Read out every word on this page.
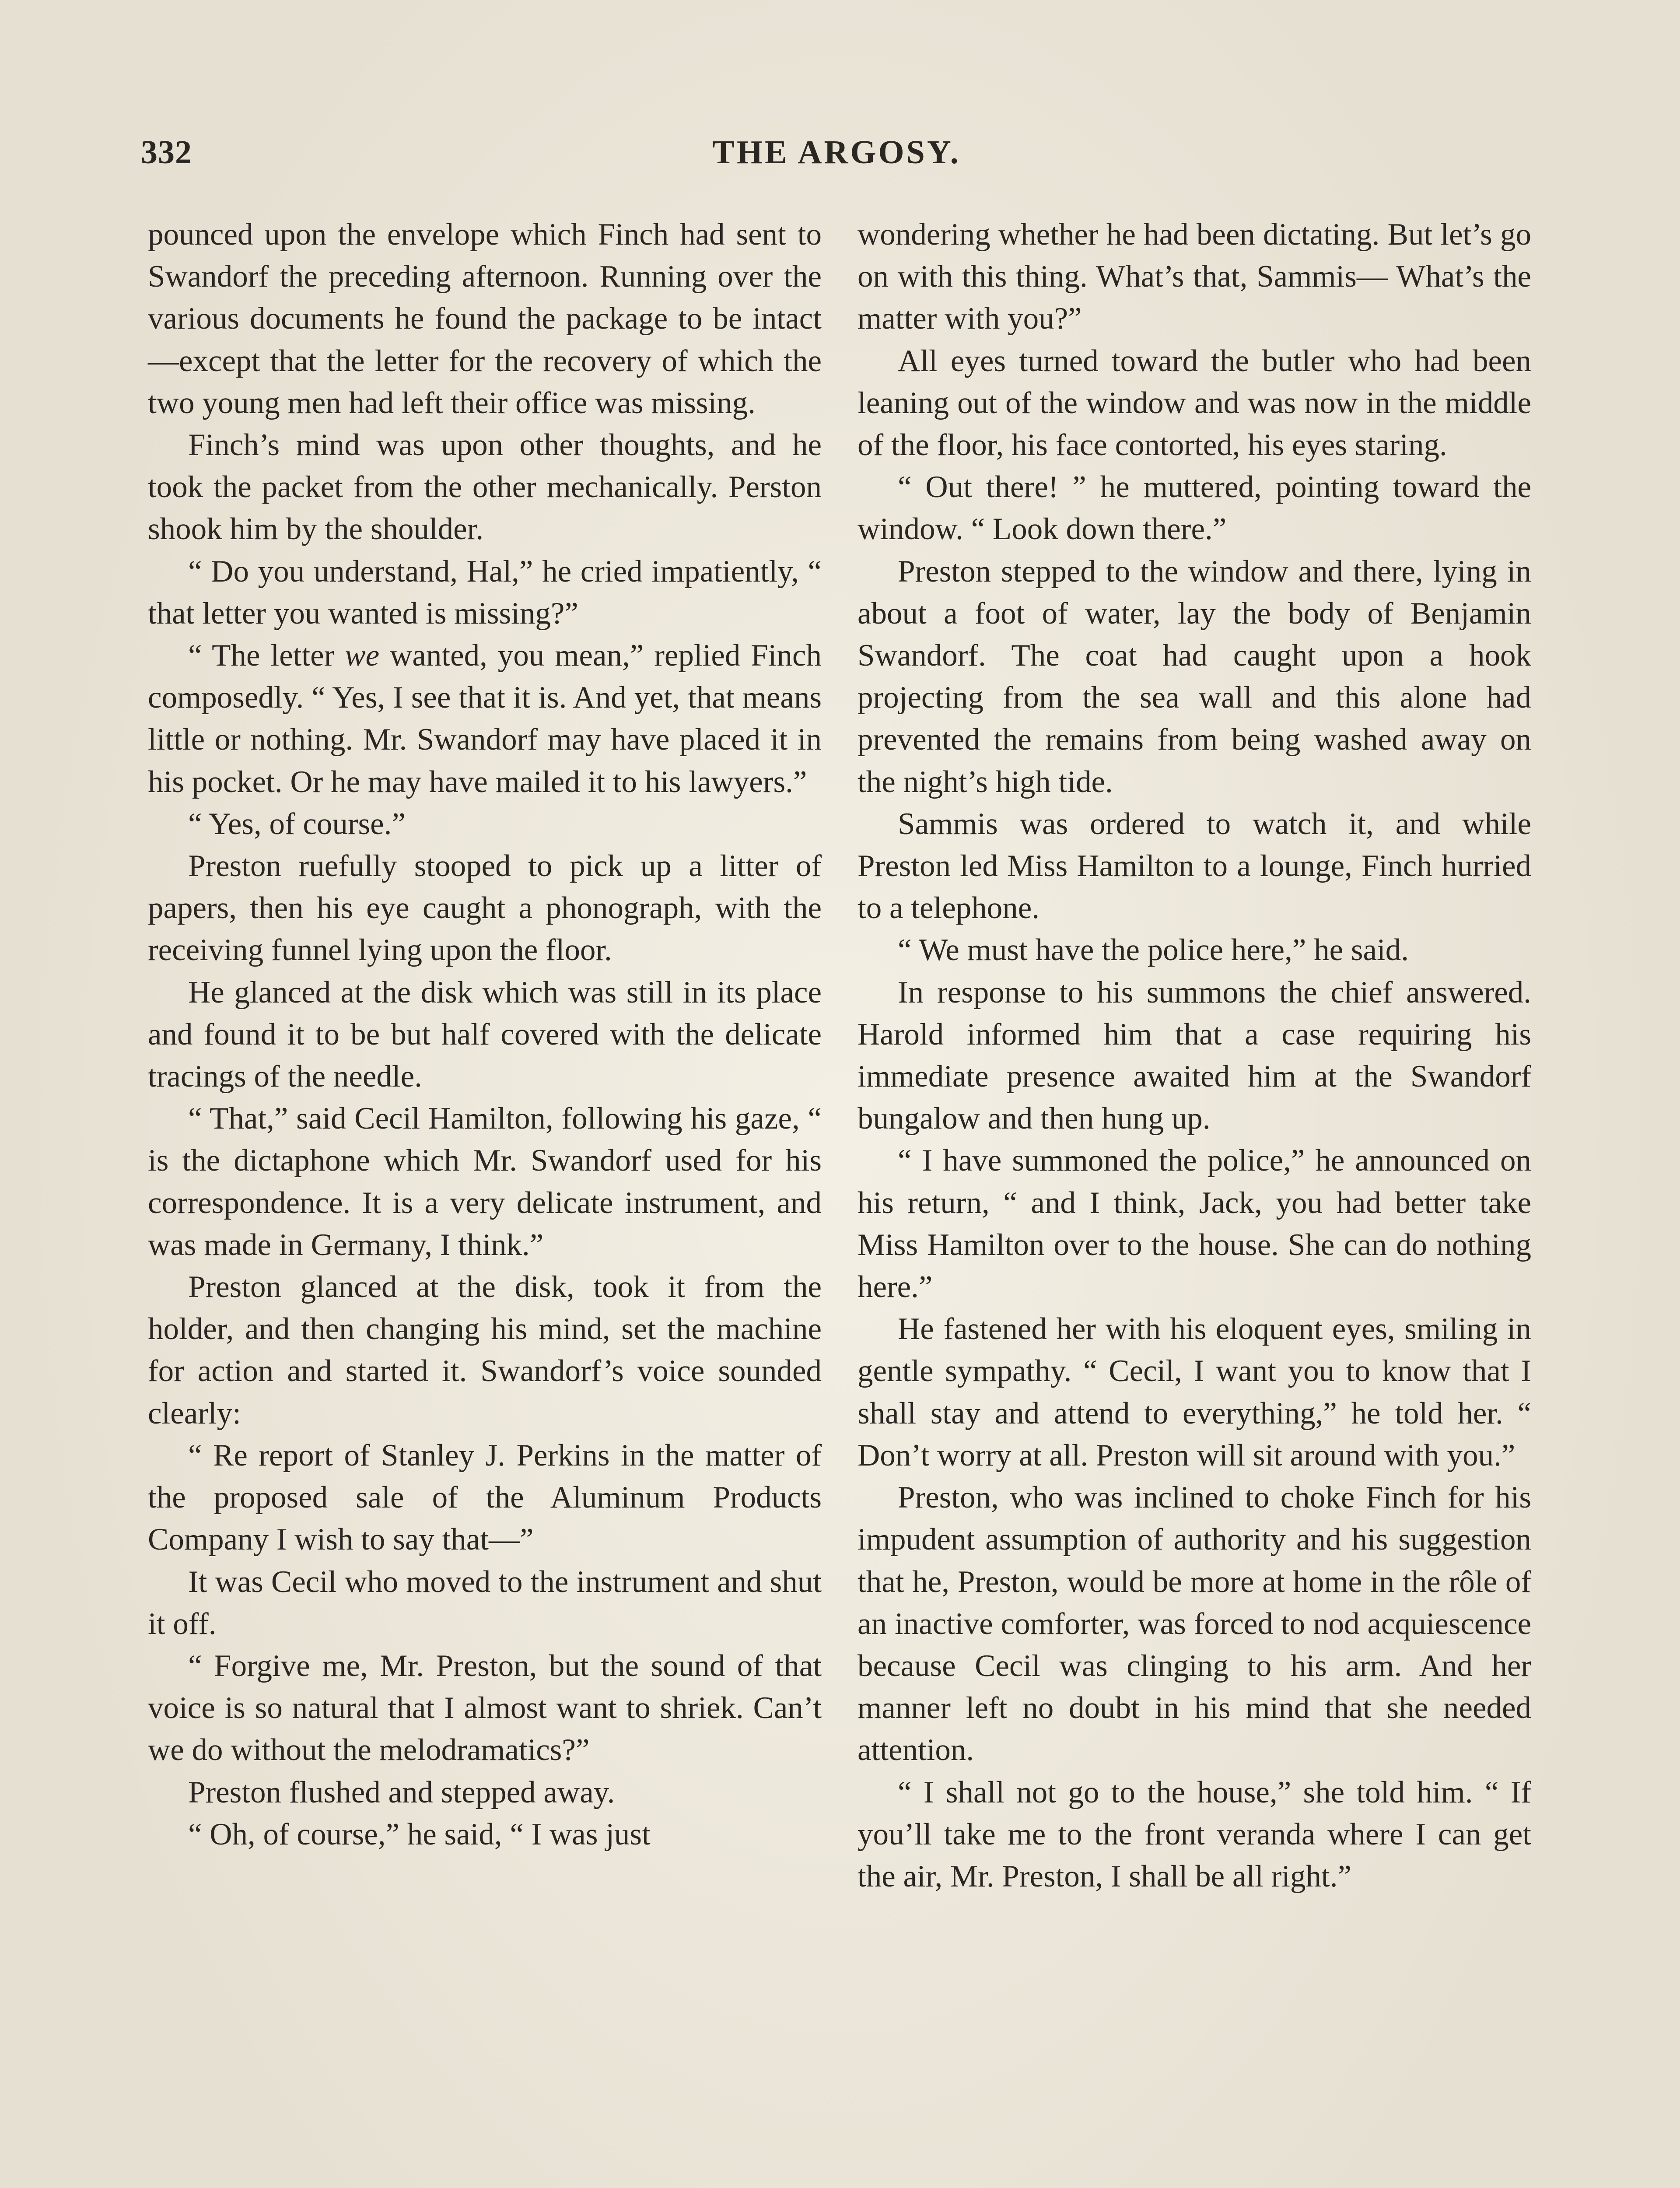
332	THE ARGOSY.

pounced upon the envelope which Finch had sent to Swandorf the preceding afternoon. Running over the various documents he found the package to be intact —except that the letter for the recovery of which the two young men had left their office was missing.

Finch’s mind was upon other thoughts, and he took the packet from the other mechanically. Perston shook him by the shoulder.

“ Do you understand, Hal,” he cried impatiently, “ that letter you wanted is missing?”

“ The letter we wanted, you mean,” replied Finch composedly. “ Yes, I see that it is. And yet, that means little or nothing. Mr. Swandorf may have placed it in his pocket. Or he may have mailed it to his lawyers.”

“ Yes, of course.”

Preston ruefully stooped to pick up a litter of papers, then his eye caught a phonograph, with the receiving funnel lying upon the floor.

He glanced at the disk which was still in its place and found it to be but half covered with the delicate tracings of the needle.

“ That,” said Cecil Hamilton, following his gaze, “ is the dictaphone which Mr. Swandorf used for his correspondence. It is a very delicate instrument, and was made in Germany, I think.”

Preston glanced at the disk, took it from the holder, and then changing his mind, set the machine for action and started it. Swandorf’s voice sounded clearly:

“ Re report of Stanley J. Perkins in the matter of the proposed sale of the Aluminum Products Company I wish to say that—”

It was Cecil who moved to the instrument and shut it off.

“ Forgive me, Mr. Preston, but the sound of that voice is so natural that I almost want to shriek. Can’t we do without the melodramatics?”

Preston flushed and stepped away.

“ Oh, of course,” he said, “ I was just

wondering whether he had been dictating. But let’s go on with this thing. What’s that, Sammis— What’s the matter with you?”

All eyes turned toward the butler who had been leaning out of the window and was now in the middle of the floor, his face contorted, his eyes staring.

“ Out there! ” he muttered, pointing toward the window. “ Look down there.”

Preston stepped to the window and there, lying in about a foot of water, lay the body of Benjamin Swandorf. The coat had caught upon a hook projecting from the sea wall and this alone had prevented the remains from being washed away on the night’s high tide.

Sammis was ordered to watch it, and while Preston led Miss Hamilton to a lounge, Finch hurried to a telephone.

“ We must have the police here,” he said.

In response to his summons the chief answered. Harold informed him that a case requiring his immediate presence awaited him at the Swandorf bungalow and then hung up.

“ I have summoned the police,” he announced on his return, “ and I think, Jack, you had better take Miss Hamilton over to the house. She can do nothing here.”

He fastened her with his eloquent eyes, smiling in gentle sympathy. “ Cecil, I want you to know that I shall stay and attend to everything,” he told her. “ Don’t worry at all. Preston will sit around with you.”

Preston, who was inclined to choke Finch for his impudent assumption of authority and his suggestion that he, Preston, would be more at home in the rôle of an inactive comforter, was forced to nod acquiescence because Cecil was clinging to his arm. And her manner left no doubt in his mind that she needed attention.

“ I shall not go to the house,” she told him. “ If you’ll take me to the front veranda where I can get the air, Mr. Preston, I shall be all right.”
